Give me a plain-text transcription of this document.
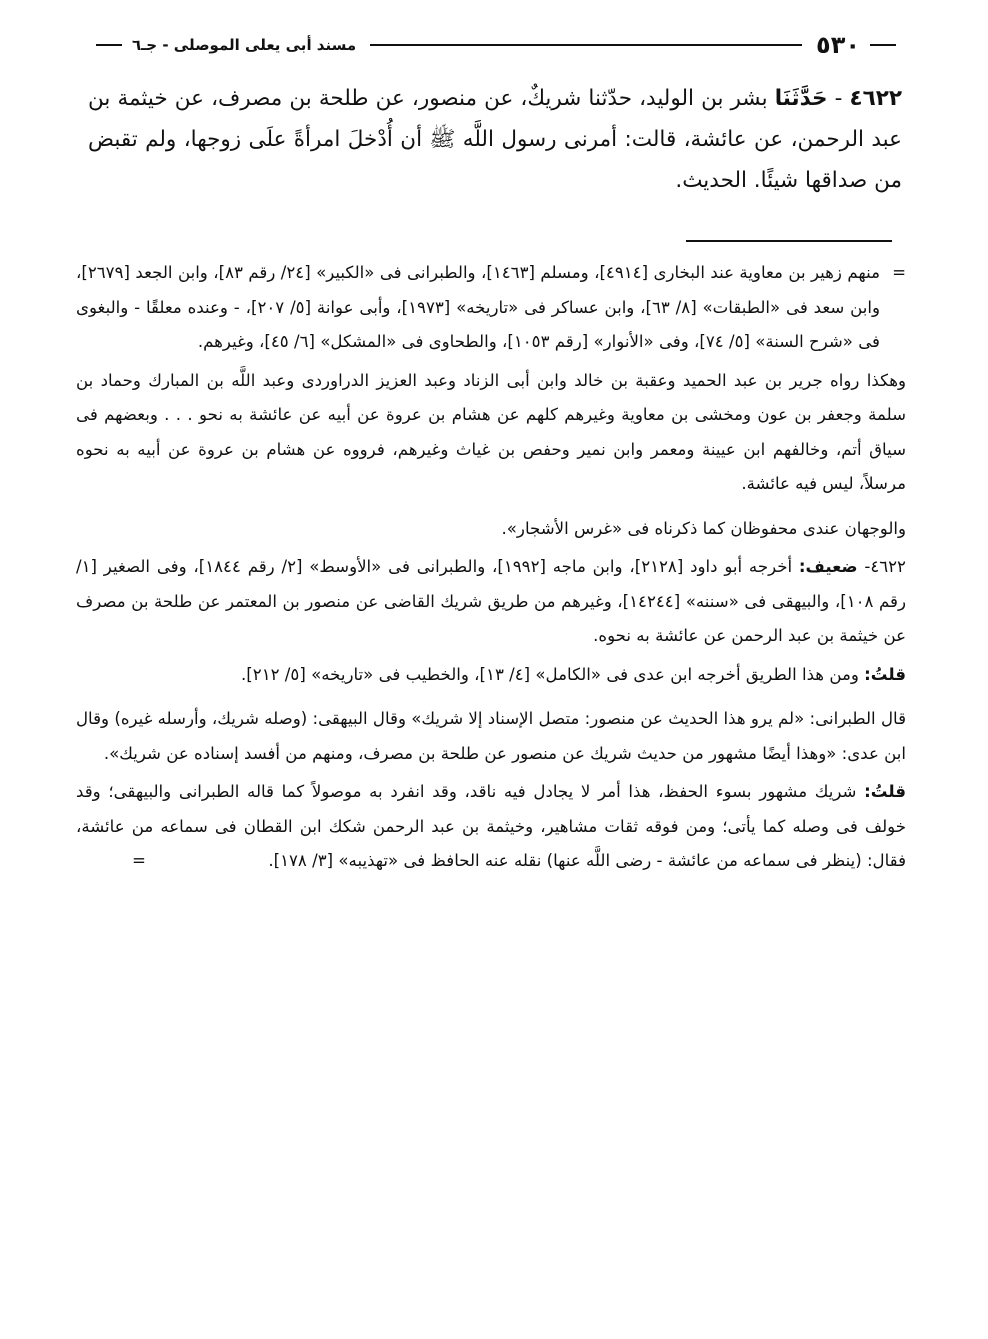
٥٣٠
مسند أبى يعلى الموصلى - جـ٦
٤٦٢٢ - حَدَّثَنَا بشر بن الوليد، حدّثنا شريكٌ، عن منصور، عن طلحة بن مصرف، عن خيثمة بن عبد الرحمن، عن عائشة، قالت: أمرنى رسول اللَّه ﷺ أن أُدْخلَ امرأةً علَى زوجها، ولم تقبض من صداقها شيئًا. الحديث.

=
منهم زهير بن معاوية عند البخارى [٤٩١٤]، ومسلم [١٤٦٣]، والطبرانى فى «الكبير» [٢٤/ رقم ٨٣]، وابن الجعد [٢٦٧٩]، وابن سعد فى «الطبقات» [٨/ ٦٣]، وابن عساكر فى «تاريخه» [١٩٧٣]، وأبى عوانة [٥/ ٢٠٧]، - وعنده معلقًا - والبغوى فى «شرح السنة» [٥/ ٧٤]، وفى «الأنوار» [رقم ١٠٥٣]، والطحاوى فى «المشكل» [٦/ ٤٥]، وغيرهم.

وهكذا رواه جرير بن عبد الحميد وعقبة بن خالد وابن أبى الزناد وعبد العزيز الدراوردى وعبد اللَّه بن المبارك وحماد بن سلمة وجعفر بن عون ومخشى بن معاوية وغيرهم كلهم عن هشام بن عروة عن أبيه عن عائشة به نحو . . . وبعضهم فى سياق أتم، وخالفهم ابن عيينة ومعمر وابن نمير وحفص بن غياث وغيرهم، فرووه عن هشام بن عروة عن أبيه به نحوه مرسلاً، ليس فيه عائشة.

والوجهان عندى محفوظان كما ذكرناه فى «غرس الأشجار».

٤٦٢٢- ضعيف: أخرجه أبو داود [٢١٢٨]، وابن ماجه [١٩٩٢]، والطبرانى فى «الأوسط» [٢/ رقم ١٨٤٤]، وفى الصغير [١/ رقم ١٠٨]، والبيهقى فى «سننه» [١٤٢٤٤]، وغيرهم من طريق شريك القاضى عن منصور بن المعتمر عن طلحة بن مصرف عن خيثمة بن عبد الرحمن عن عائشة به نحوه.

قلتُ: ومن هذا الطريق أخرجه ابن عدى فى «الكامل» [٤/ ١٣]، والخطيب فى «تاريخه» [٥/ ٢١٢].

قال الطبرانى: «لم يرو هذا الحديث عن منصور: متصل الإسناد إلا شريك» وقال البيهقى: (وصله شريك، وأرسله غيره) وقال ابن عدى: «وهذا أيضًا مشهور من حديث شريك عن منصور عن طلحة بن مصرف، ومنهم من أفسد إسناده عن شريك».

قلتُ: شريك مشهور بسوء الحفظ، هذا أمر لا يجادل فيه ناقد، وقد انفرد به موصولاً كما قاله الطبرانى والبيهقى؛ وقد خولف فى وصله كما يأتى؛ ومن فوقه ثقات مشاهير، وخيثمة بن عبد الرحمن شكك ابن القطان فى سماعه من عائشة، فقال: (ينظر فى سماعه من عائشة - رضى اللَّه عنها) نقله عنه الحافظ فى «تهذيبه» [٣/ ١٧٨].
=
